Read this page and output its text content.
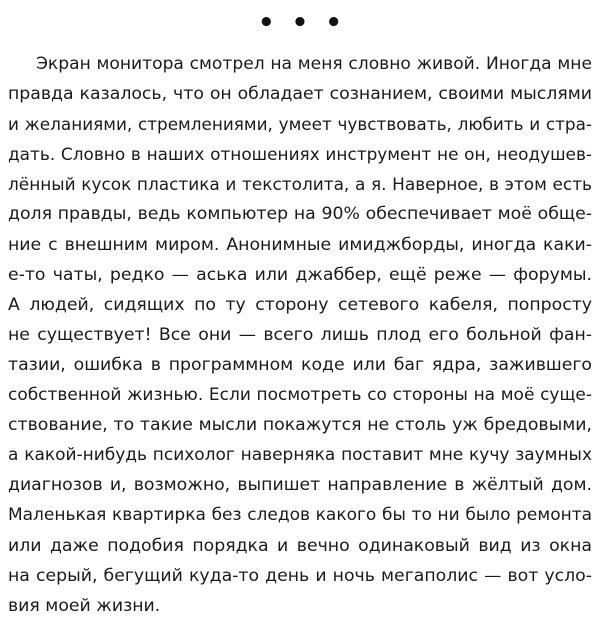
• • •
Экран монитора смотрел на меня словно живой. Иногда мне
правда казалось, что он обладает сознанием, своими мыслями
и желаниями, стремлениями, умеет чувствовать, любить и стра-
дать. Словно в наших отношениях инструмент не он, неодушев-
лённый кусок пластика и текстолита, а я. Наверное, в этом есть
доля правды, ведь компьютер на 90% обеспечивает моё обще-
ние с внешним миром. Анонимные имиджборды, иногда каки-
е-то чаты, редко — аська или джаббер, ещё реже — форумы.
А людей, сидящих по ту сторону сетевого кабеля, попросту
не существует! Все они — всего лишь плод его больной фан-
тазии, ошибка в программном коде или баг ядра, зажившего
собственной жизнью. Если посмотреть со стороны на моё суще-
ствование, то такие мысли покажутся не столь уж бредовыми,
а какой-нибудь психолог наверняка поставит мне кучу заумных
диагнозов и, возможно, выпишет направление в жёлтый дом.
Маленькая квартирка без следов какого бы то ни было ремонта
или даже подобия порядка и вечно одинаковый вид из окна
на серый, бегущий куда-то день и ночь мегаполис — вот усло-
вия моей жизни.
